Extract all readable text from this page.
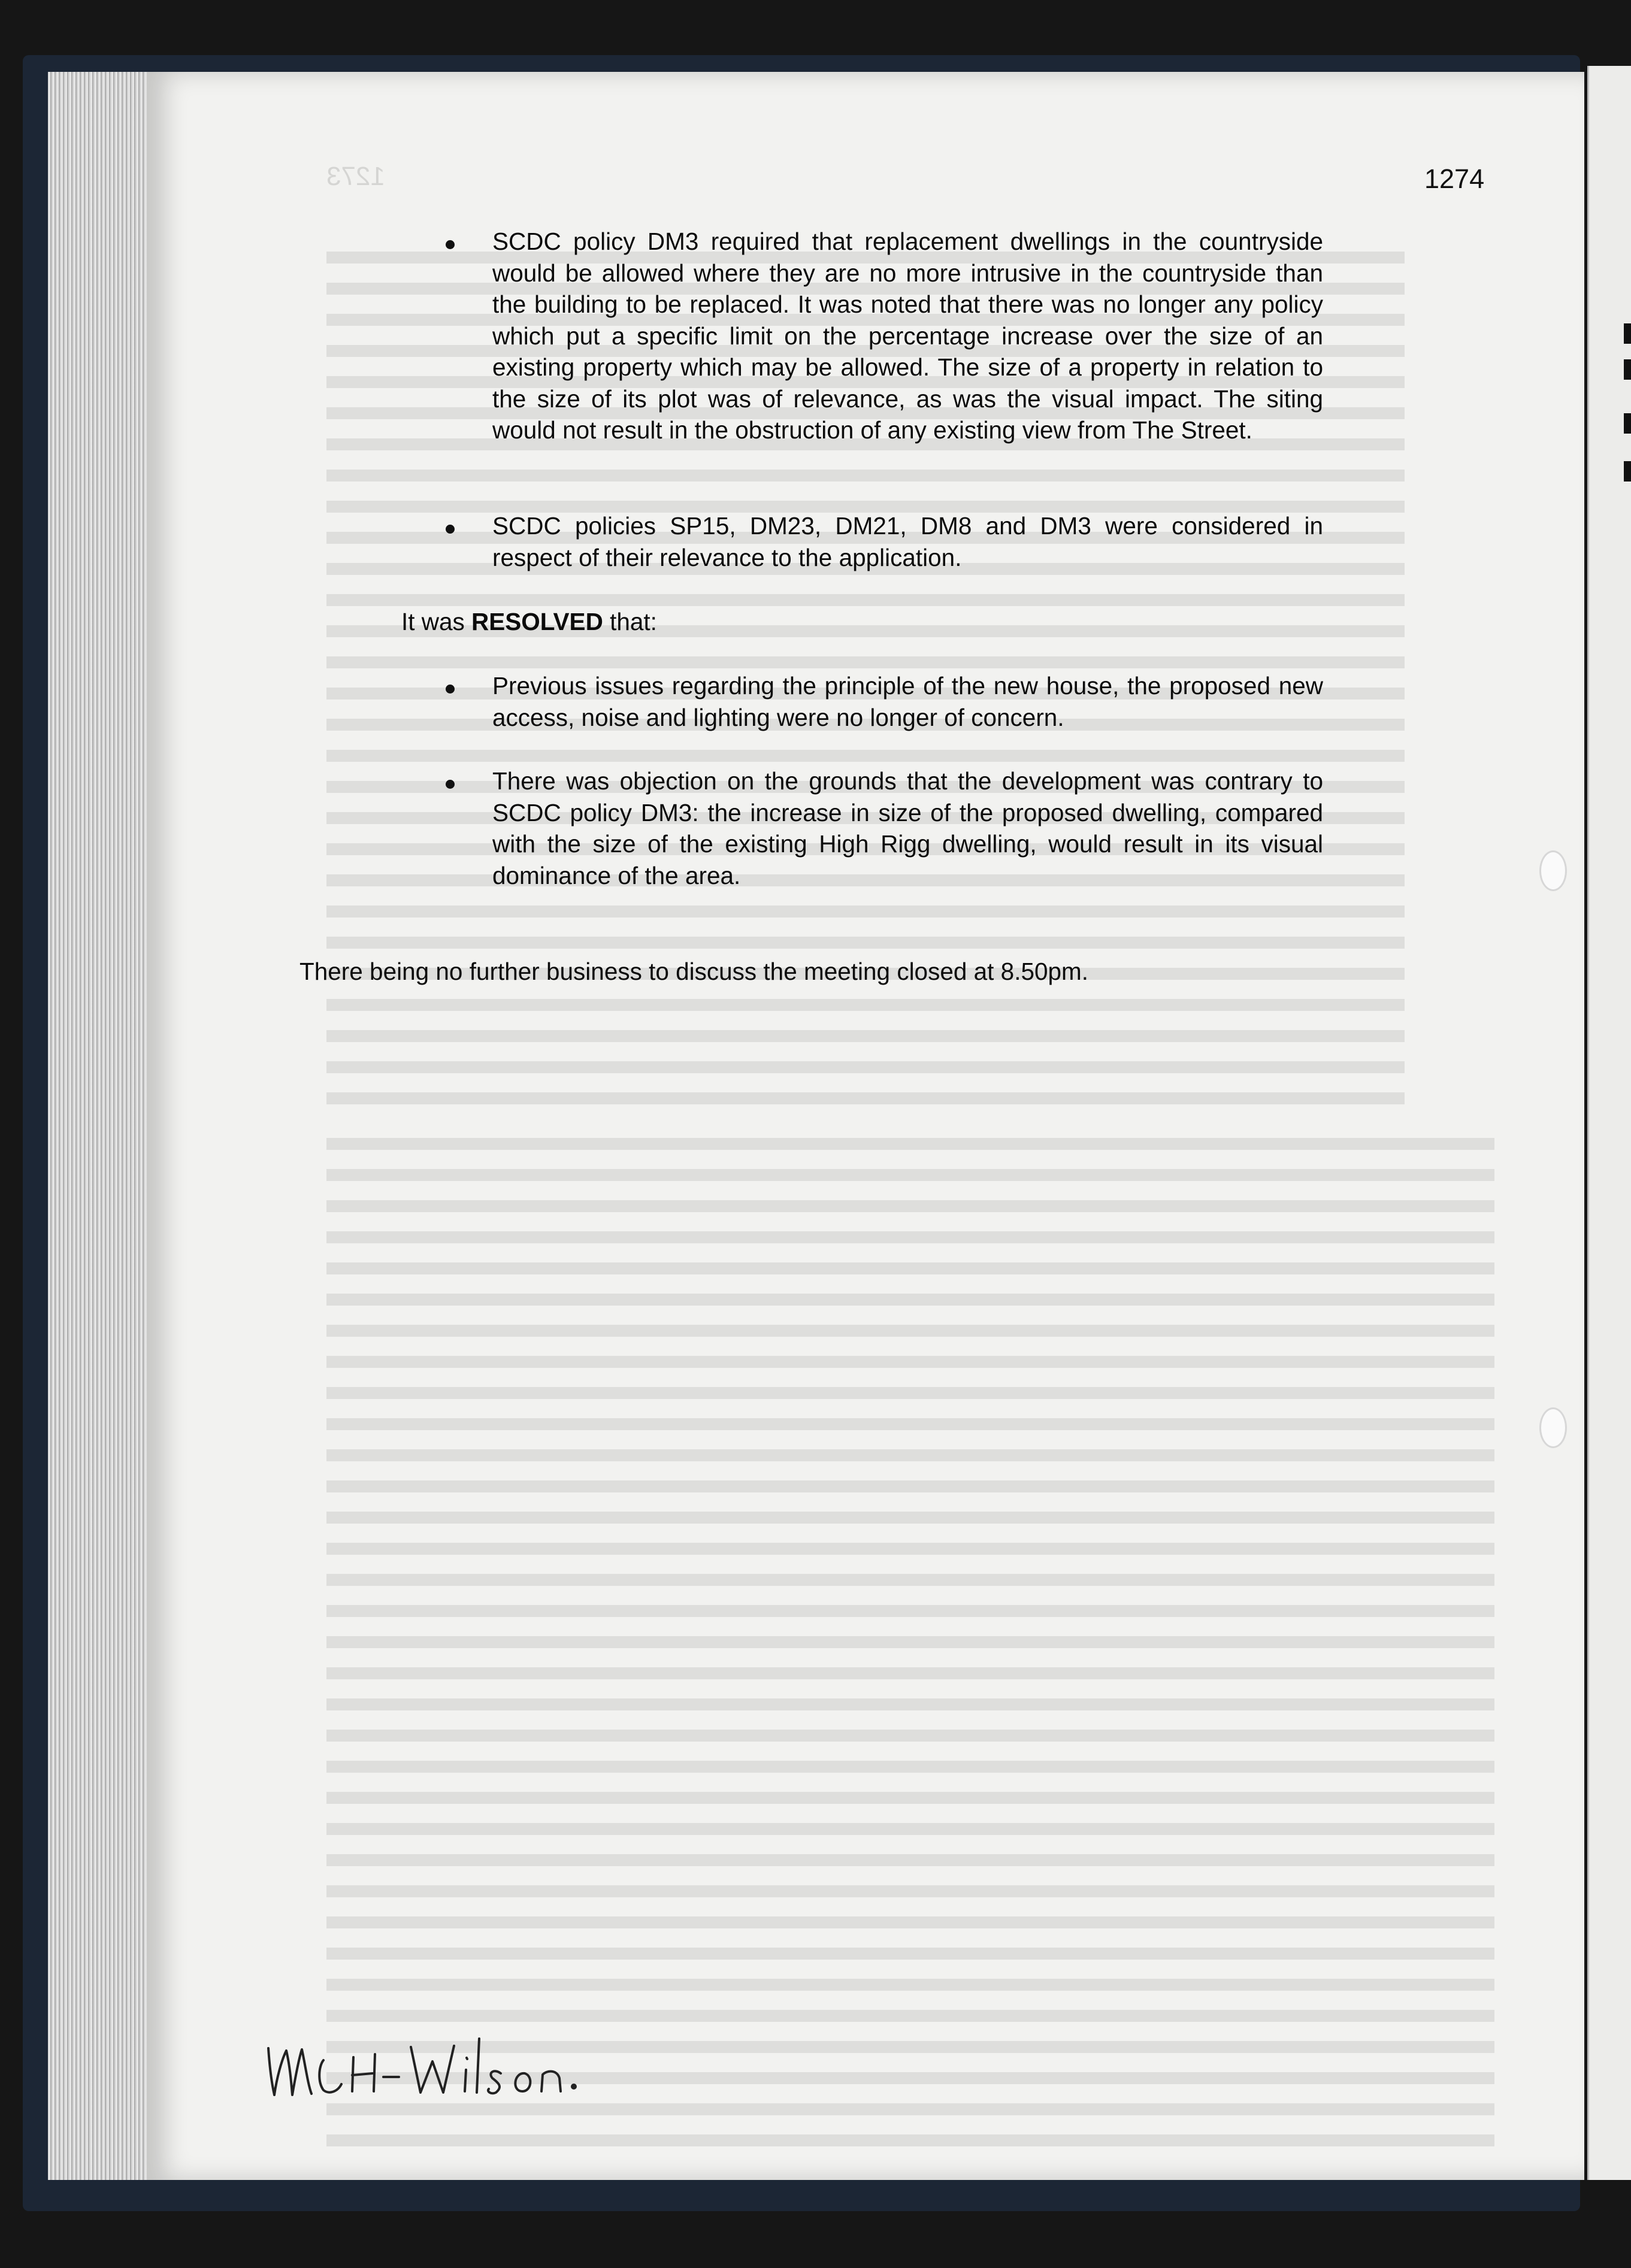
1273	1274
SCDC policy DM3 required that replacement dwellings in the countryside would be allowed where they are no more intrusive in the countryside than the building to be replaced. It was noted that there was no longer any policy which put a specific limit on the percentage increase over the size of an existing property which may be allowed. The size of a property in relation to the size of its plot was of relevance, as was the visual impact. The siting would not result in the obstruction of any existing view from The Street.
SCDC policies SP15, DM23, DM21, DM8 and DM3 were considered in respect of their relevance to the application.
It was RESOLVED that:
Previous issues regarding the principle of the new house, the proposed new access, noise and lighting were no longer of concern.
There was objection on the grounds that the development was contrary to SCDC policy DM3: the increase in size of the proposed dwelling, compared with the size of the existing High Rigg dwelling, would result in its visual dominance of the area.
There being no further business to discuss the meeting closed at 8.50pm.
